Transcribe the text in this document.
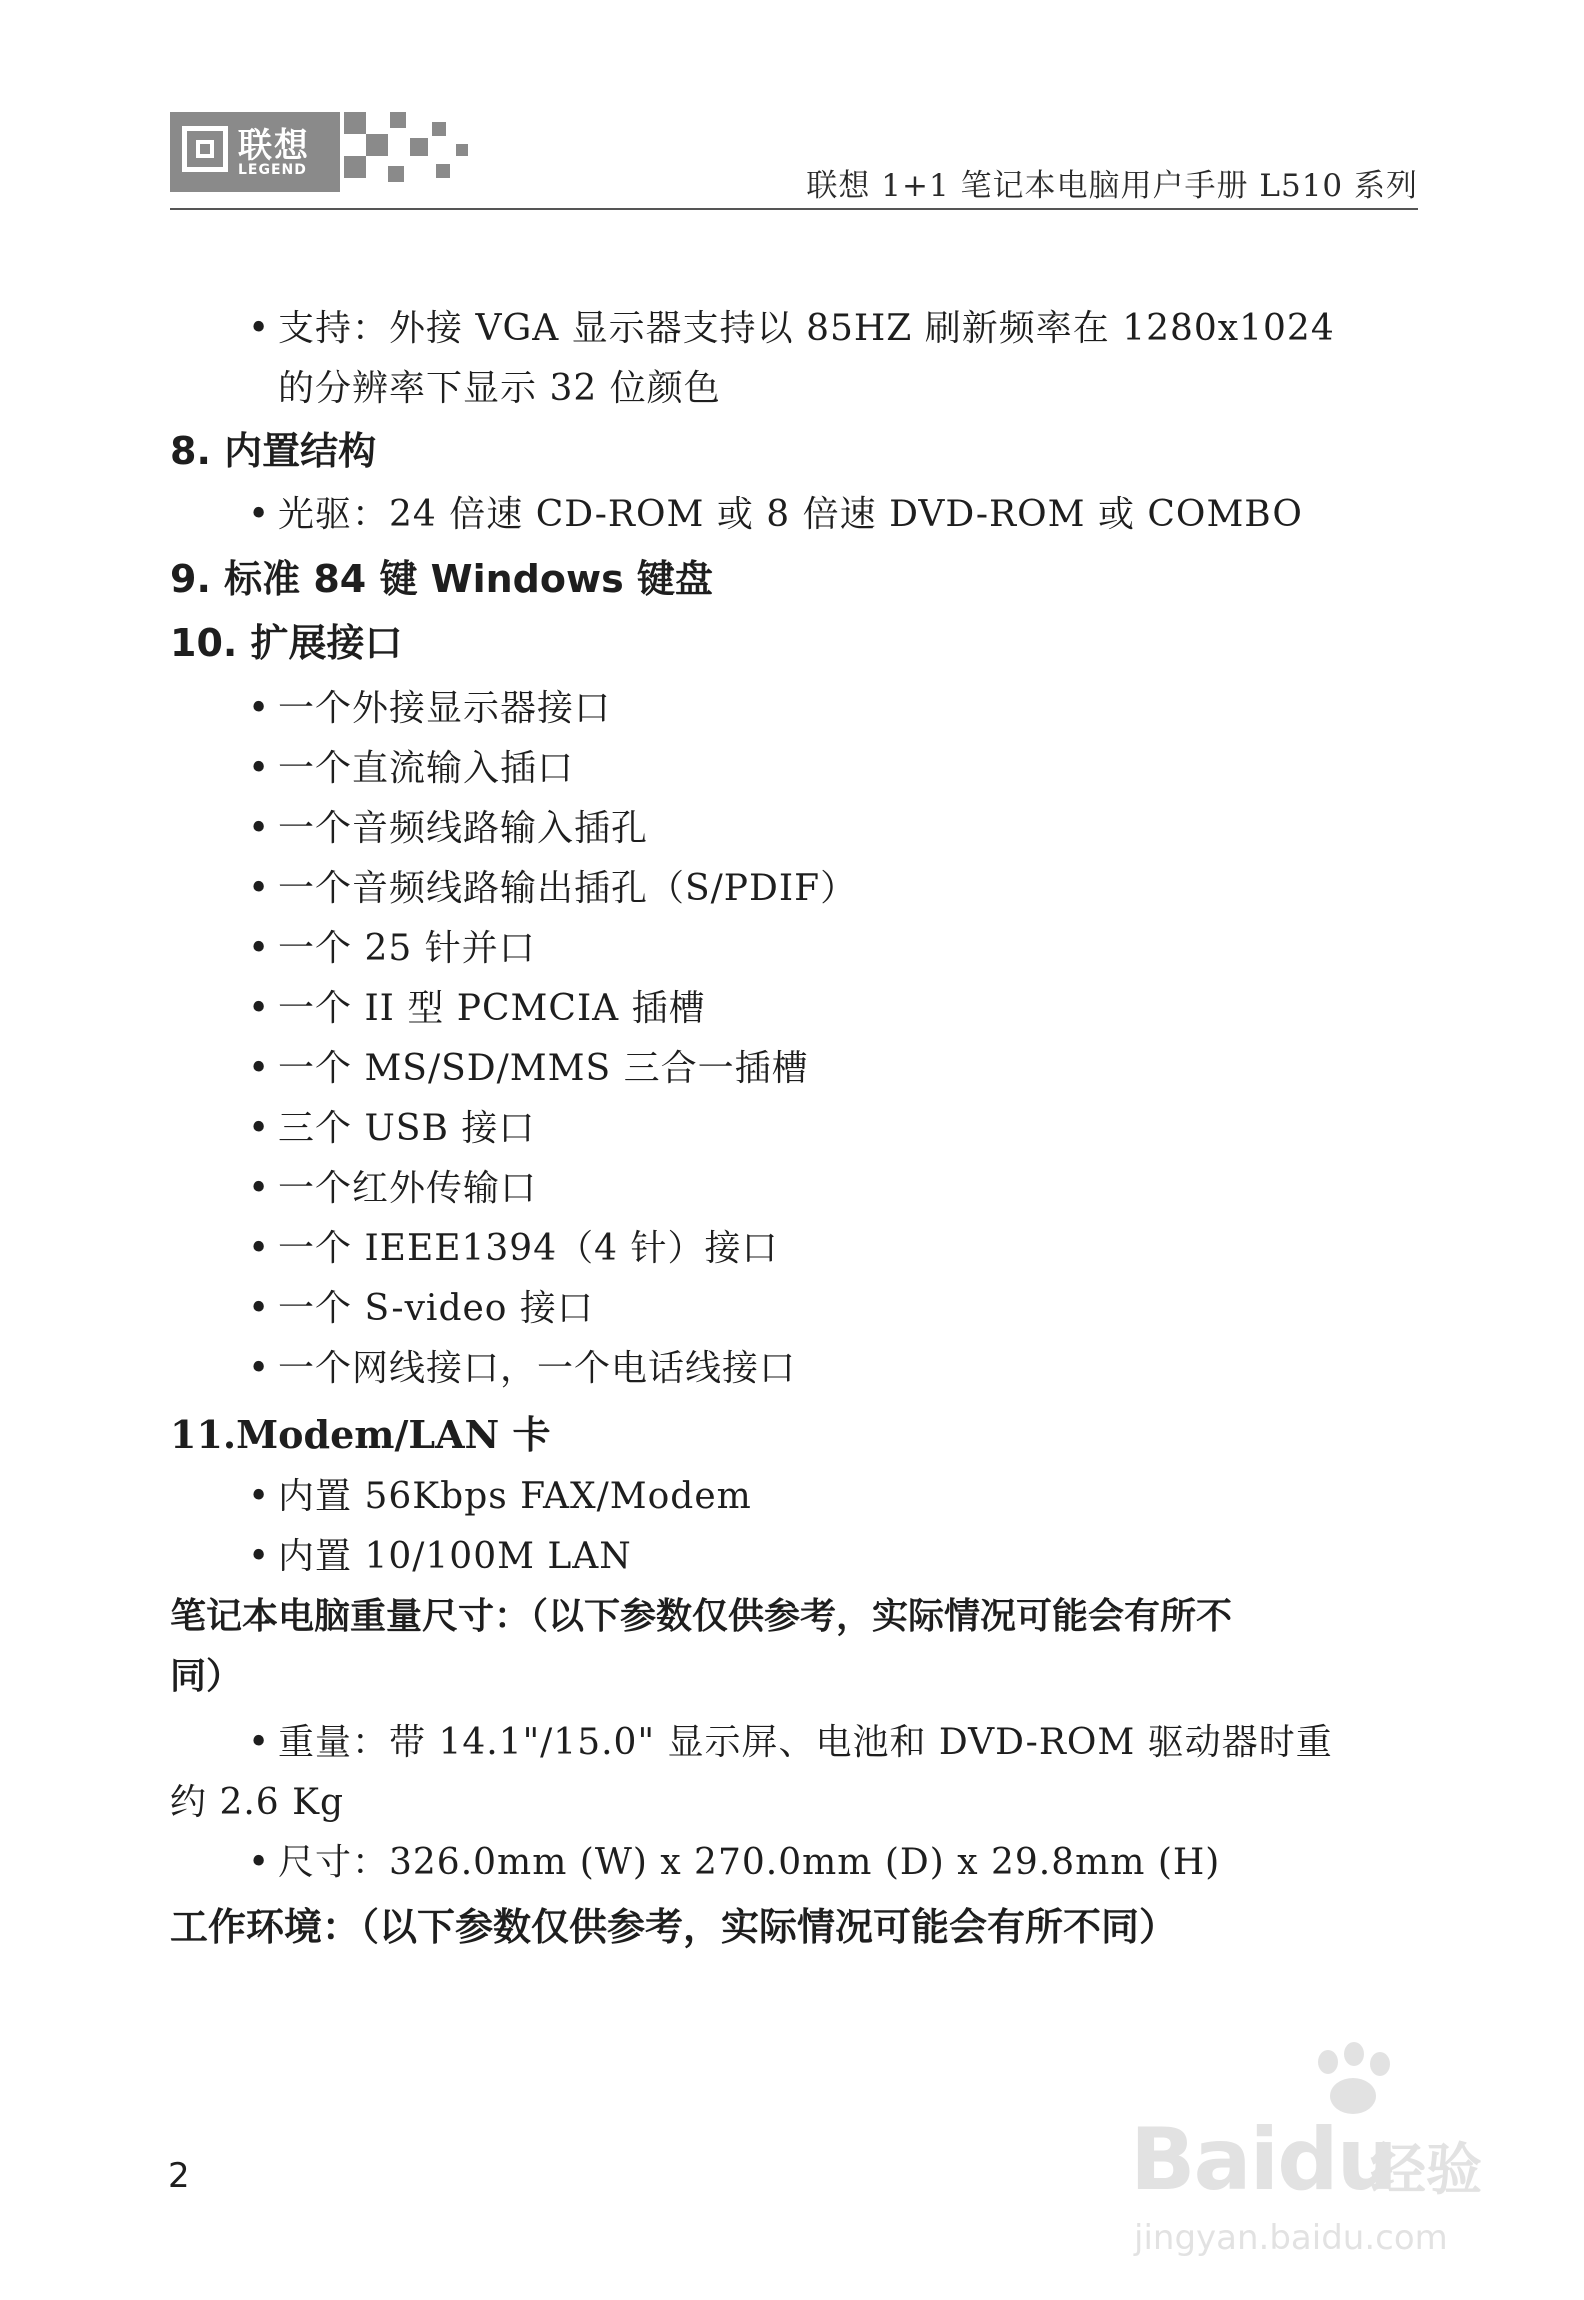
联想
LEGEND	联想 1+1 笔记本电脑用户手册 L510 系列
• 支持：外接 VGA 显示器支持以 85HZ 刷新频率在 1280x1024
的分辨率下显示 32 位颜色
8. 内置结构
• 光驱：24 倍速 CD-ROM 或 8 倍速 DVD-ROM 或 COMBO
9. 标准 84 键 Windows 键盘
10. 扩展接口
• 一个外接显示器接口
• 一个直流输入插口
• 一个音频线路输入插孔
• 一个音频线路输出插孔（S/PDIF）
• 一个 25 针并口
• 一个 II 型 PCMCIA 插槽
• 一个 MS/SD/MMS 三合一插槽
• 三个 USB 接口
• 一个红外传输口
• 一个 IEEE1394（4 针）接口
• 一个 S-video 接口
• 一个网线接口，一个电话线接口
11.Modem/LAN 卡
• 内置 56Kbps FAX/Modem
• 内置 10/100M LAN
笔记本电脑重量尺寸：（以下参数仅供参考，实际情况可能会有所不
同）
• 重量：带 14.1"/15.0" 显示屏、电池和 DVD-ROM 驱动器时重
约 2.6 Kg
• 尺寸：326.0mm (W) x 270.0mm (D) x 29.8mm (H)
工作环境：（以下参数仅供参考，实际情况可能会有所不同）
2	Baidu
经验
jingyan.baidu.com
